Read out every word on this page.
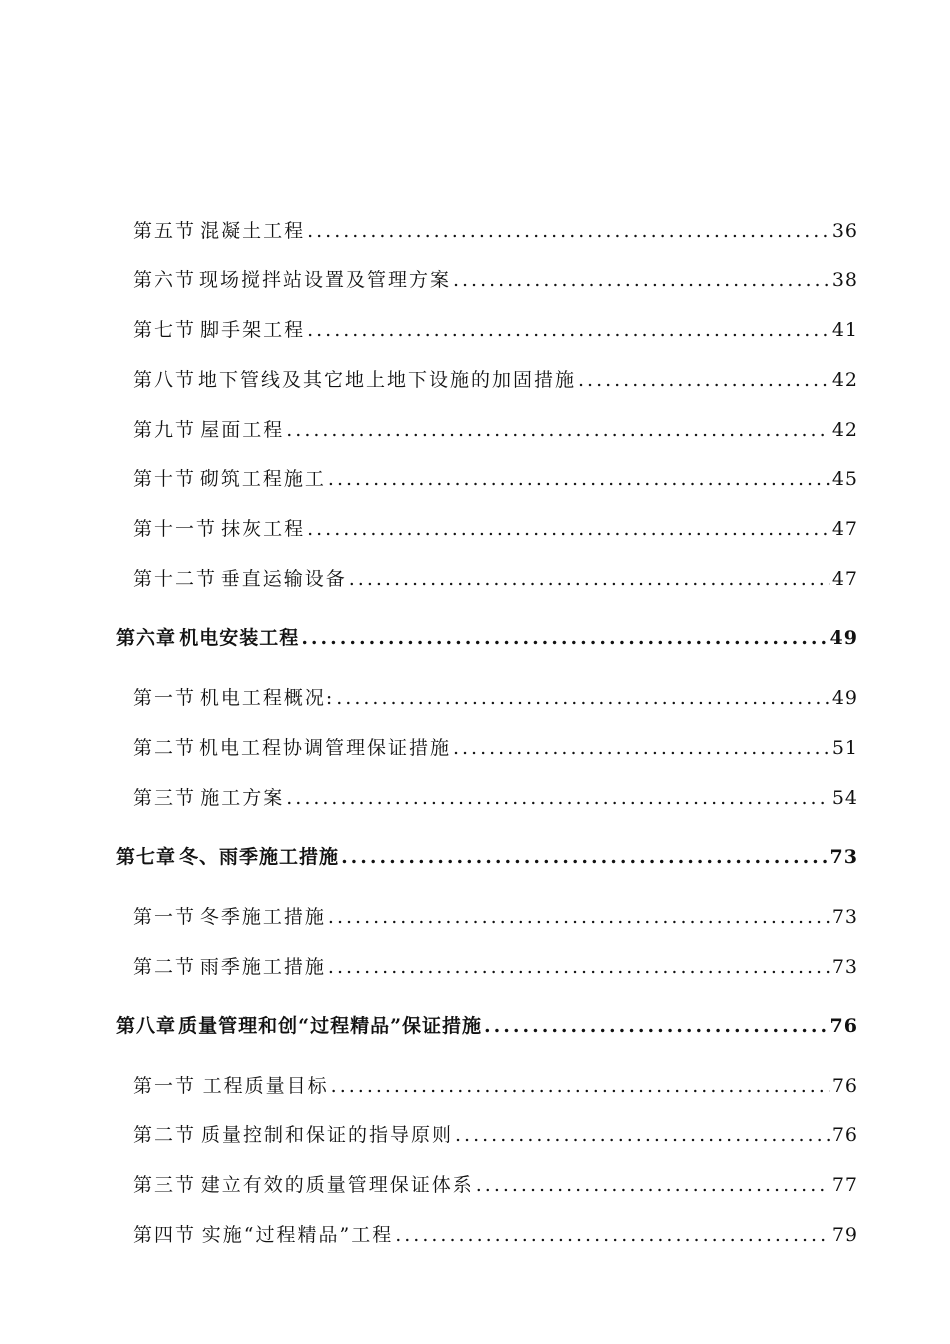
第五节 混凝土工程 .....	36
第六节 现场搅拌站设置及管理方案 .....	38
第七节 脚手架工程 .....	41
第八节 地下管线及其它地上地下设施的加固措施 .....	42
第九节 屋面工程 .....	42
第十节 砌筑工程施工 .....	45
第十一节 抹灰工程 .....	47
第十二节 垂直运输设备 .....	47
第六章 机电安装工程 .....	49
第一节 机电工程概况: .....	49
第二节 机电工程协调管理保证措施 .....	51
第三节 施工方案 .....	54
第七章 冬、雨季施工措施 .....	73
第一节 冬季施工措施 .....	73
第二节 雨季施工措施 .....	73
第八章 质量管理和创“过程精品”保证措施 .....	76
第一节 工程质量目标 .....	76
第二节 质量控制和保证的指导原则 .....	76
第三节 建立有效的质量管理保证体系 .....	77
第四节 实施“过程精品”工程 .....	79
